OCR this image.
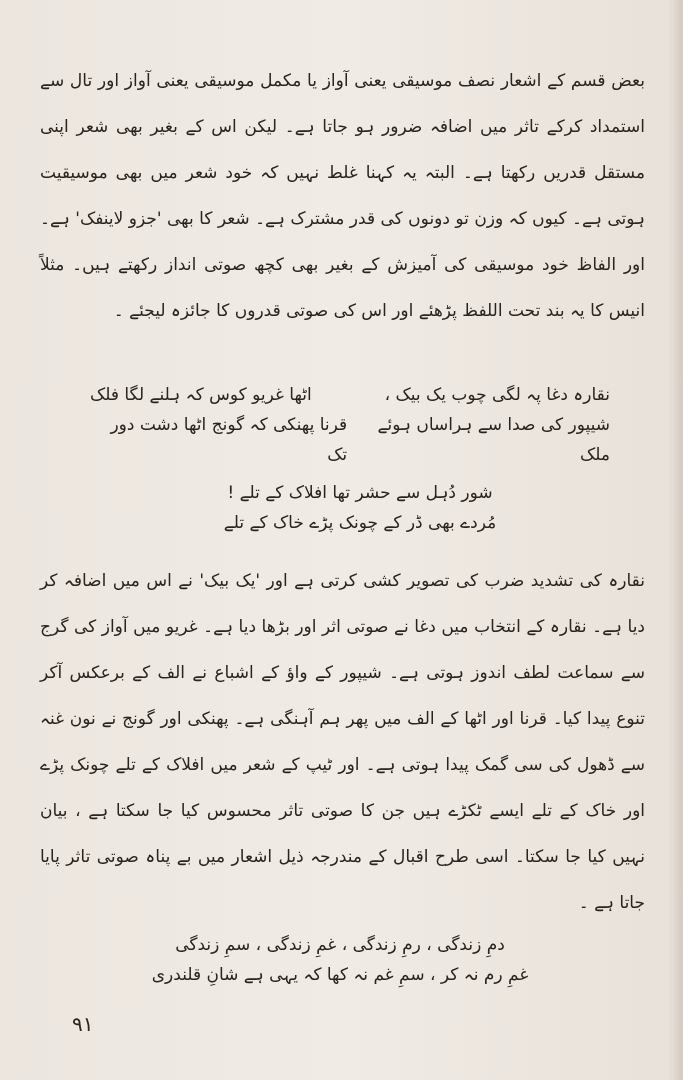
بعض قسم کے اشعار نصف موسیقی یعنی آواز یا مکمل موسیقی یعنی آواز اور تال سے استمداد کرکے تاثر میں اضافہ ضرور ہو جاتا ہے۔ لیکن اس کے بغیر بھی شعر اپنی مستقل قدریں رکھتا ہے۔ البتہ یہ کہنا غلط نہیں کہ خود شعر میں بھی موسیقیت ہوتی ہے۔ کیوں کہ وزن تو دونوں کی قدر مشترک ہے۔ شعر کا بھی 'جزو لاینفک' ہے۔ اور الفاظ خود موسیقی کی آمیزش کے بغیر بھی کچھ صوتی انداز رکھتے ہیں۔ مثلاً انیس کا یہ بند تحت اللفظ پڑھئے اور اس کی صوتی قدروں کا جائزہ لیجئے ۔

نقارہ دغا پہ لگی چوب یک بیک ،
اٹھا غریو کوس کہ ہلنے لگا فلک
شیپور کی صدا سے ہراساں ہوئے ملک
قرنا پھنکی کہ گونج اٹھا دشت دور تک
شور دُہل سے حشر تھا افلاک کے تلے !
مُردے بھی ڈر کے چونک پڑے خاک کے تلے

نقارہ کی تشدید ضرب کی تصویر کشی کرتی ہے اور 'یک بیک' نے اس میں اضافہ کر دیا ہے۔ نقارہ کے انتخاب میں دغا نے صوتی اثر اور بڑھا دیا ہے۔ غریو میں آواز کی گرج سے سماعت لطف اندوز ہوتی ہے۔ شیپور کے واؤ کے اشباع نے الف کے برعکس آکر تنوع پیدا کیا۔ قرنا اور اٹھا کے الف میں پھر ہم آہنگی ہے۔ پھنکی اور گونج نے نون غنہ سے ڈھول کی سی گمک پیدا ہوتی ہے۔ اور ٹیپ کے شعر میں افلاک کے تلے چونک پڑے اور خاک کے تلے ایسے ٹکڑے ہیں جن کا صوتی تاثر محسوس کیا جا سکتا ہے ، بیان نہیں کیا جا سکتا۔ اسی طرح اقبال کے مندرجہ ذیل اشعار میں بے پناہ صوتی تاثر پایا جاتا ہے ۔

دمِ زندگی ، رمِ زندگی ، غمِ زندگی ، سمِ زندگی
غمِ رم نہ کر ، سمِ غم نہ کھا کہ یہی ہے شانِ قلندری
۹۱
